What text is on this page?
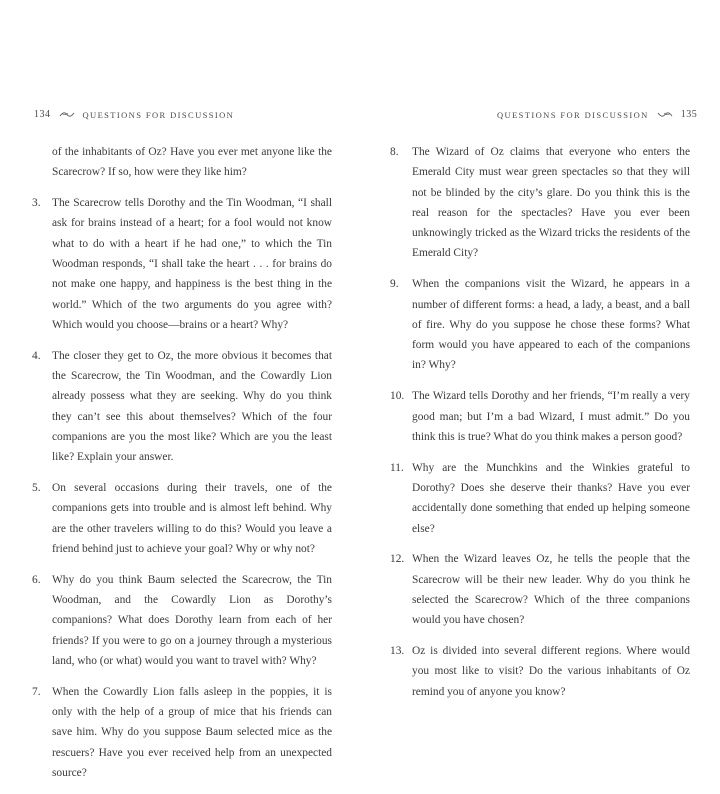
134	QUESTIONS FOR DISCUSSION
of the inhabitants of Oz? Have you ever met anyone like the Scarecrow? If so, how were they like him?
3.	The Scarecrow tells Dorothy and the Tin Woodman, “I shall ask for brains instead of a heart; for a fool would not know what to do with a heart if he had one,” to which the Tin Woodman responds, “I shall take the heart . . . for brains do not make one happy, and happiness is the best thing in the world.” Which of the two arguments do you agree with? Which would you choose—brains or a heart? Why?
4.	The closer they get to Oz, the more obvious it becomes that the Scarecrow, the Tin Woodman, and the Cowardly Lion already possess what they are seeking. Why do you think they can’t see this about themselves? Which of the four companions are you the most like? Which are you the least like? Explain your answer.
5.	On several occasions during their travels, one of the companions gets into trouble and is almost left behind. Why are the other travelers willing to do this? Would you leave a friend behind just to achieve your goal? Why or why not?
6.	Why do you think Baum selected the Scarecrow, the Tin Woodman, and the Cowardly Lion as Dorothy’s companions? What does Dorothy learn from each of her friends? If you were to go on a journey through a mysterious land, who (or what) would you want to travel with? Why?
7.	When the Cowardly Lion falls asleep in the poppies, it is only with the help of a group of mice that his friends can save him. Why do you suppose Baum selected mice as the rescuers? Have you ever received help from an unexpected source?
QUESTIONS FOR DISCUSSION	135
8.	The Wizard of Oz claims that everyone who enters the Emerald City must wear green spectacles so that they will not be blinded by the city’s glare. Do you think this is the real reason for the spectacles? Have you ever been unknowingly tricked as the Wizard tricks the residents of the Emerald City?
9.	When the companions visit the Wizard, he appears in a number of different forms: a head, a lady, a beast, and a ball of fire. Why do you suppose he chose these forms? What form would you have appeared to each of the companions in? Why?
10. The Wizard tells Dorothy and her friends, “I’m really a very good man; but I’m a bad Wizard, I must admit.” Do you think this is true? What do you think makes a person good?
11. Why are the Munchkins and the Winkies grateful to Dorothy? Does she deserve their thanks? Have you ever accidentally done something that ended up helping someone else?
12. When the Wizard leaves Oz, he tells the people that the Scarecrow will be their new leader. Why do you think he selected the Scarecrow? Which of the three companions would you have chosen?
13. Oz is divided into several different regions. Where would you most like to visit? Do the various inhabitants of Oz remind you of anyone you know?
